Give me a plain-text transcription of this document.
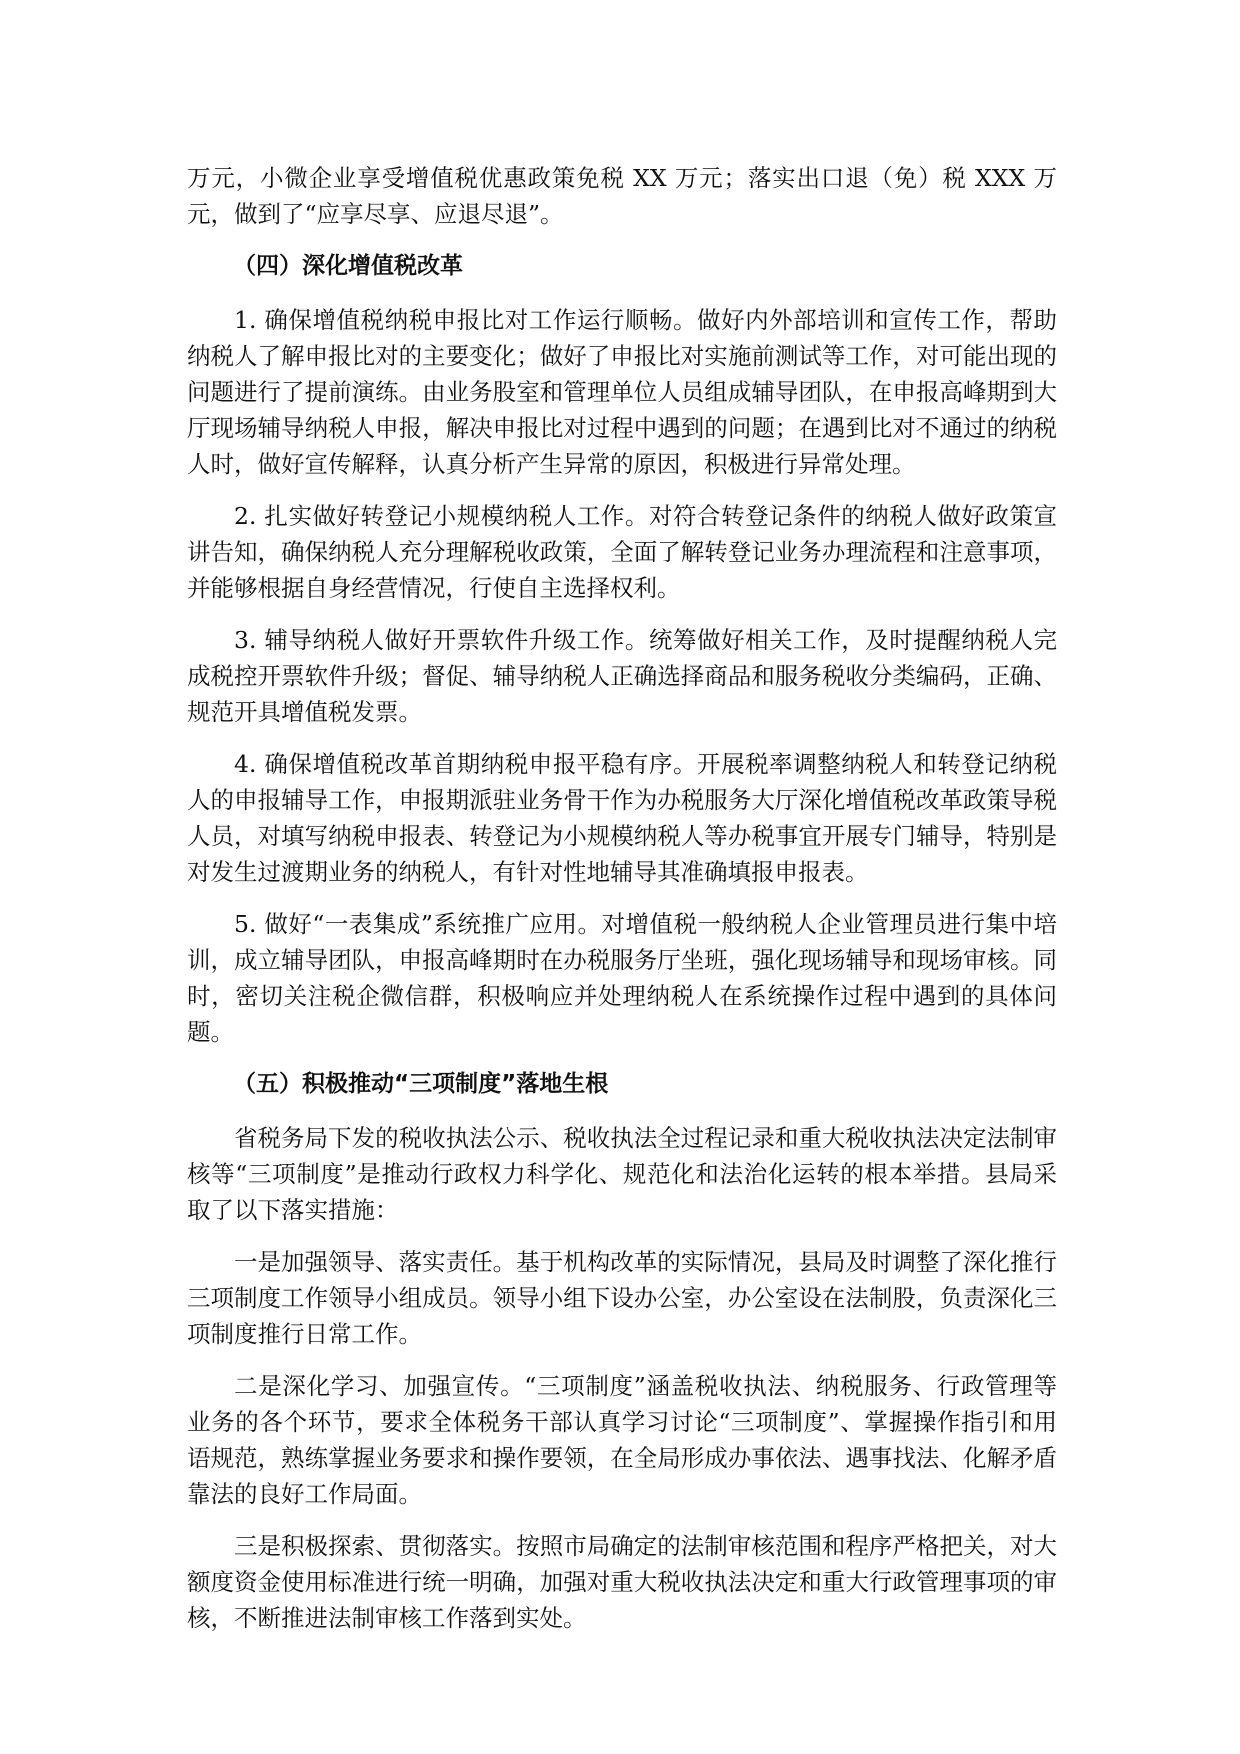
万元，小微企业享受增值税优惠政策免税 XX 万元；落实出口退（免）税 XXX 万元，做到了“应享尽享、应退尽退”。

（四）深化增值税改革

1. 确保增值税纳税申报比对工作运行顺畅。做好内外部培训和宣传工作，帮助纳税人了解申报比对的主要变化；做好了申报比对实施前测试等工作，对可能出现的问题进行了提前演练。由业务股室和管理单位人员组成辅导团队，在申报高峰期到大厅现场辅导纳税人申报，解决申报比对过程中遇到的问题；在遇到比对不通过的纳税人时，做好宣传解释，认真分析产生异常的原因，积极进行异常处理。

2. 扎实做好转登记小规模纳税人工作。对符合转登记条件的纳税人做好政策宣讲告知，确保纳税人充分理解税收政策，全面了解转登记业务办理流程和注意事项，并能够根据自身经营情况，行使自主选择权利。

3. 辅导纳税人做好开票软件升级工作。统筹做好相关工作，及时提醒纳税人完成税控开票软件升级；督促、辅导纳税人正确选择商品和服务税收分类编码，正确、规范开具增值税发票。

4. 确保增值税改革首期纳税申报平稳有序。开展税率调整纳税人和转登记纳税人的申报辅导工作，申报期派驻业务骨干作为办税服务大厅深化增值税改革政策导税人员，对填写纳税申报表、转登记为小规模纳税人等办税事宜开展专门辅导，特别是对发生过渡期业务的纳税人，有针对性地辅导其准确填报申报表。

5. 做好“一表集成”系统推广应用。对增值税一般纳税人企业管理员进行集中培训，成立辅导团队，申报高峰期时在办税服务厅坐班，强化现场辅导和现场审核。同时，密切关注税企微信群，积极响应并处理纳税人在系统操作过程中遇到的具体问题。

（五）积极推动“三项制度”落地生根

省税务局下发的税收执法公示、税收执法全过程记录和重大税收执法决定法制审核等“三项制度”是推动行政权力科学化、规范化和法治化运转的根本举措。县局采取了以下落实措施：

一是加强领导、落实责任。基于机构改革的实际情况，县局及时调整了深化推行三项制度工作领导小组成员。领导小组下设办公室，办公室设在法制股，负责深化三项制度推行日常工作。

二是深化学习、加强宣传。“三项制度”涵盖税收执法、纳税服务、行政管理等业务的各个环节，要求全体税务干部认真学习讨论“三项制度”、掌握操作指引和用语规范，熟练掌握业务要求和操作要领，在全局形成办事依法、遇事找法、化解矛盾靠法的良好工作局面。

三是积极探索、贯彻落实。按照市局确定的法制审核范围和程序严格把关，对大额度资金使用标准进行统一明确，加强对重大税收执法决定和重大行政管理事项的审核，不断推进法制审核工作落到实处。
